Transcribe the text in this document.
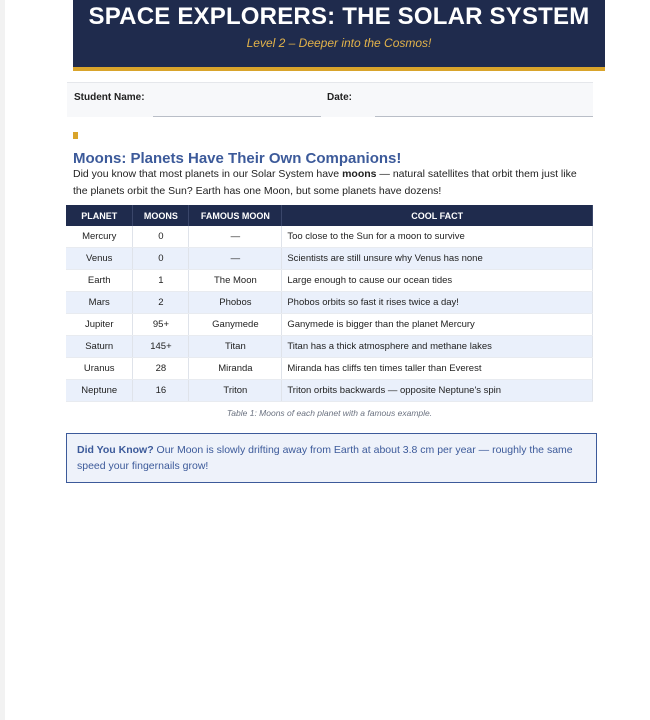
SPACE EXPLORERS: THE SOLAR SYSTEM
Level 2 – Deeper into the Cosmos!
Student Name:	Date:
Moons: Planets Have Their Own Companions!

Did you know that most planets in our Solar System have moons — natural satellites that orbit them just like the planets orbit the Sun? Earth has one Moon, but some planets have dozens!

PLANET	MOONS	FAMOUS MOON	COOL FACT
Mercury	0	—	Too close to the Sun for a moon to survive
Venus	0	—	Scientists are still unsure why Venus has none
Earth	1	The Moon	Large enough to cause our ocean tides
Mars	2	Phobos	Phobos orbits so fast it rises twice a day!
Jupiter	95+	Ganymede	Ganymede is bigger than the planet Mercury
Saturn	145+	Titan	Titan has a thick atmosphere and methane lakes
Uranus	28	Miranda	Miranda has cliffs ten times taller than Everest
Neptune	16	Triton	Triton orbits backwards — opposite Neptune's spin
Table 1: Moons of each planet with a famous example.
Did You Know? Our Moon is slowly drifting away from Earth at about 3.8 cm per year — roughly the same speed your fingernails grow!
